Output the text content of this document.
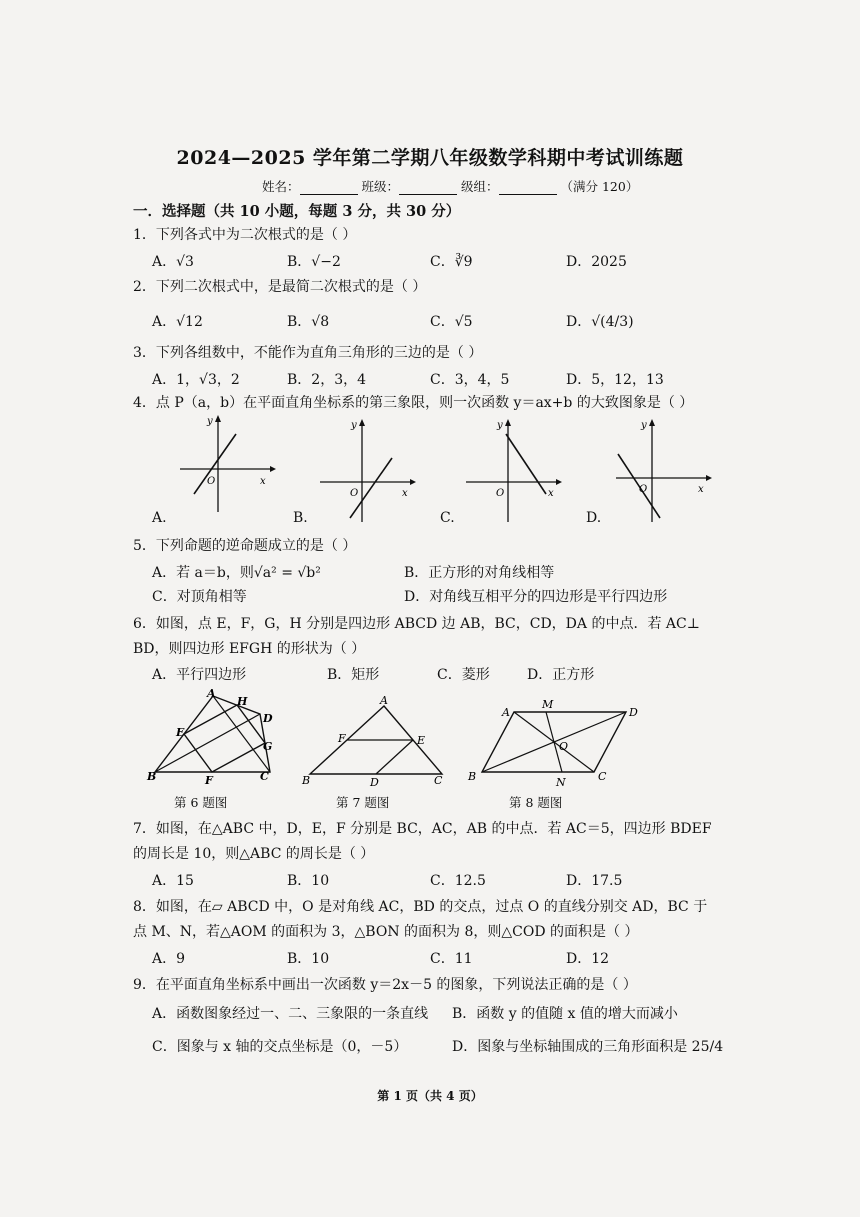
2024—2025 学年第二学期八年级数学科期中考试训练题
姓名：	班级：	级组：	（满分 120）
一．选择题（共 10 小题，每题 3 分，共 30 分）
1．下列各式中为二次根式的是（ ）
A．√3	B．√−2	C．∛9	D．2025
2．下列二次根式中，是最简二次根式的是（ ）
A．√12	B．√8	C．√5	D．√(4/3)
3．下列各组数中，不能作为直角三角形的三边的是（ ）
A．1，√3，2	B．2，3，4	C．3，4，5	D．5，12，13
4．点 P（a，b）在平面直角坐标系的第三象限，则一次函数 y＝ax+b 的大致图象是（ ）
O	x
y
A.
O	x
y
B.
O	x
y
C.
O	x
y
D.
5．下列命题的逆命题成立的是（ ）
A．若 a＝b，则√a² = √b²	B．正方形的对角线相等
C．对顶角相等	D．对角线互相平分的四边形是平行四边形
6．如图，点 E，F，G，H 分别是四边形 ABCD 边 AB，BC，CD，DA 的中点．若 AC⊥
BD，则四边形 EFGH 的形状为（ ）
A．平行四边形	B．矩形	C．菱形	D．正方形
A
H
D
E
G
B	F	C
第 6 题图
A
F	E
B	D	C
第 7 题图
A
M
D
O
B	N	C
第 8 题图
7．如图，在△ABC 中，D，E，F 分别是 BC，AC，AB 的中点．若 AC＝5，四边形 BDEF
的周长是 10，则△ABC 的周长是（ ）
A．15	B．10	C．12.5	D．17.5
8．如图，在▱ ABCD 中，O 是对角线 AC，BD 的交点，过点 O 的直线分别交 AD，BC 于
点 M、N，若△AOM 的面积为 3，△BON 的面积为 8，则△COD 的面积是（ ）
A．9	B．10	C．11	D．12
9．在平面直角坐标系中画出一次函数 y＝2x－5 的图象，下列说法正确的是（ ）
A．函数图象经过一、二、三象限的一条直线 B．函数 y 的值随 x 值的增大而减小
C．图象与 x 轴的交点坐标是（0，－5）	D．图象与坐标轴围成的三角形面积是 25/4
第 1 页（共 4 页）
